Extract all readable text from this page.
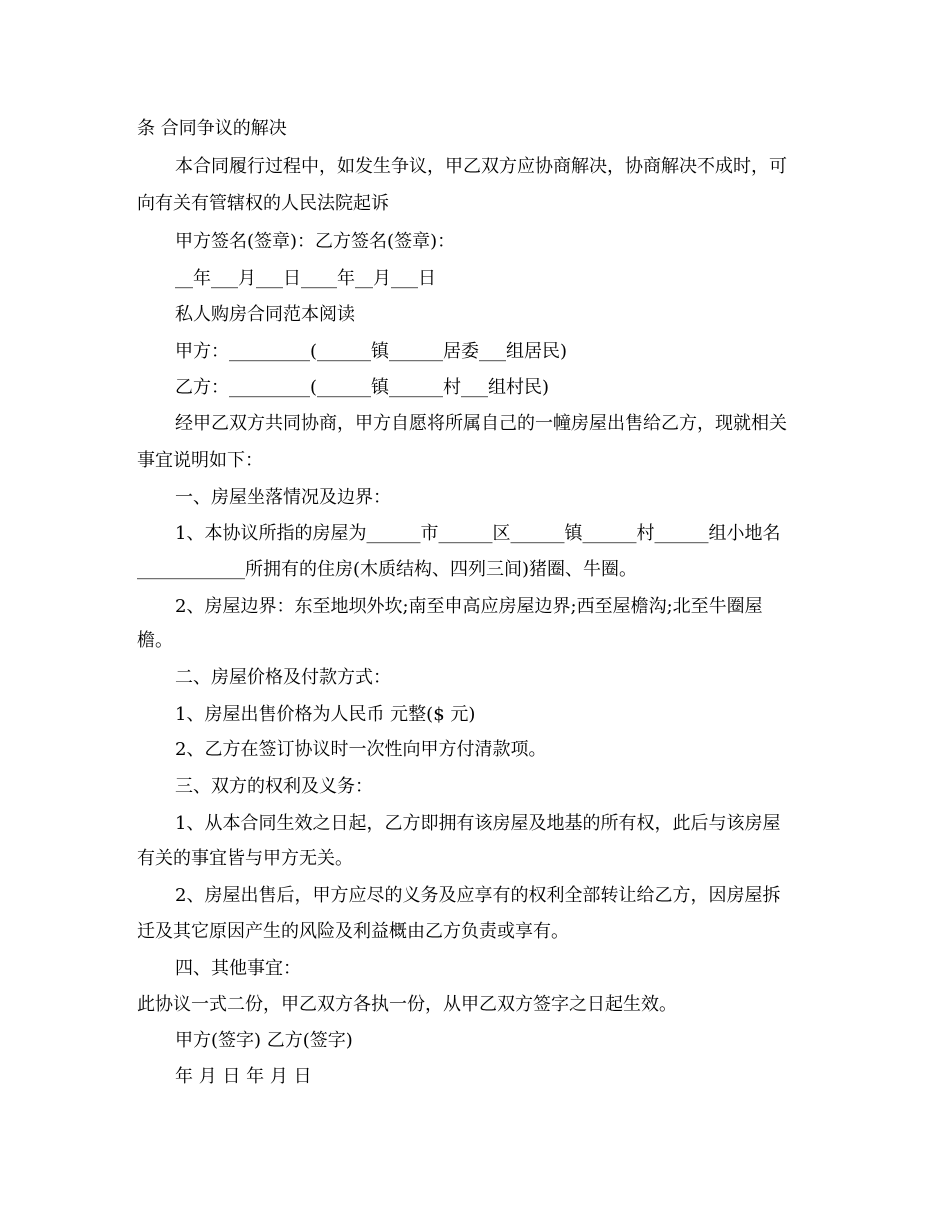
条 合同争议的解决
本合同履行过程中，如发生争议，甲乙双方应协商解决，协商解决不成时，可
向有关有管辖权的人民法院起诉
甲方签名(签章)：乙方签名(签章)：
__年___月___日____年__月___日
私人购房合同范本阅读
甲方：_________(______镇______居委___组居民)
乙方：_________(______镇______村___组村民)
经甲乙双方共同协商，甲方自愿将所属自己的一幢房屋出售给乙方，现就相关
事宜说明如下：
一、房屋坐落情况及边界：
1、本协议所指的房屋为______市______区______镇______村______组小地名
____________所拥有的住房(木质结构、四列三间)猪圈、牛圈。
2、房屋边界：东至地坝外坎;南至申高应房屋边界;西至屋檐沟;北至牛圈屋
檐。
二、房屋价格及付款方式：
1、房屋出售价格为人民币 元整($ 元)
2、乙方在签订协议时一次性向甲方付清款项。
三、双方的权利及义务：
1、从本合同生效之日起，乙方即拥有该房屋及地基的所有权，此后与该房屋
有关的事宜皆与甲方无关。
2、房屋出售后，甲方应尽的义务及应享有的权利全部转让给乙方，因房屋拆
迁及其它原因产生的风险及利益概由乙方负责或享有。
四、其他事宜：
此协议一式二份，甲乙双方各执一份，从甲乙双方签字之日起生效。
甲方(签字) 乙方(签字)
年 月 日 年 月 日
